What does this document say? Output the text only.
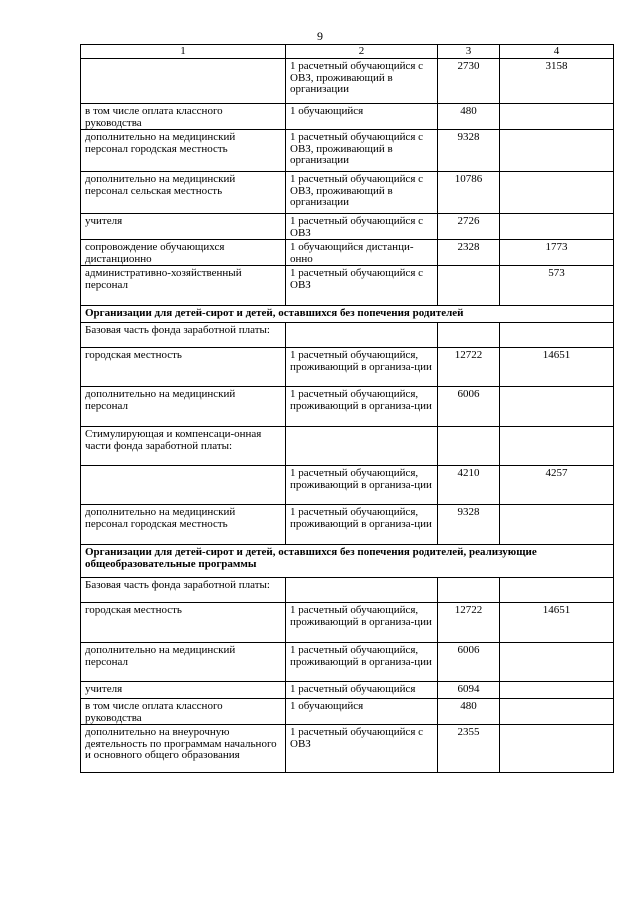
9
1	2	3	4
	1 расчетный обучающийся с ОВЗ, проживающий в организации	2730	3158
в том числе оплата классного руководства	1 обучающийся	480	
дополнительно на медицинский персонал городская местность	1 расчетный обучающийся с ОВЗ, проживающий в организации	9328	
дополнительно на медицинский персонал сельская местность	1 расчетный обучающийся с ОВЗ, проживающий в организации	10786	
учителя	1 расчетный обучающийся с ОВЗ	2726	
сопровождение обучающихся дистанционно	1 обучающийся дистанци-онно	2328	1773
административно-хозяйственный персонал	1 расчетный обучающийся с ОВЗ		573
Организации для детей-сирот и детей, оставшихся без попечения родителей			
Базовая часть фонда заработной платы:			
городская местность	1 расчетный обучающийся, проживающий в организа-ции	12722	14651
дополнительно на медицинский персонал	1 расчетный обучающийся, проживающий в организа-ции	6006	
Стимулирующая и компенсаци-онная части фонда заработной платы:			
	1 расчетный обучающийся, проживающий в организа-ции	4210	4257
дополнительно на медицинский персонал городская местность	1 расчетный обучающийся, проживающий в организа-ции	9328	
Организации для детей-сирот и детей, оставшихся без попечения родителей, реализующие общеобразовательные программы			
Базовая часть фонда заработной платы:			
городская местность	1 расчетный обучающийся, проживающий в организа-ции	12722	14651
дополнительно на медицинский персонал	1 расчетный обучающийся, проживающий в организа-ции	6006	
учителя	1 расчетный обучающийся	6094	
в том числе оплата классного руководства	1 обучающийся	480	
дополнительно на внеурочную деятельность по программам начального и основного общего образования	1 расчетный обучающийся с ОВЗ	2355	
